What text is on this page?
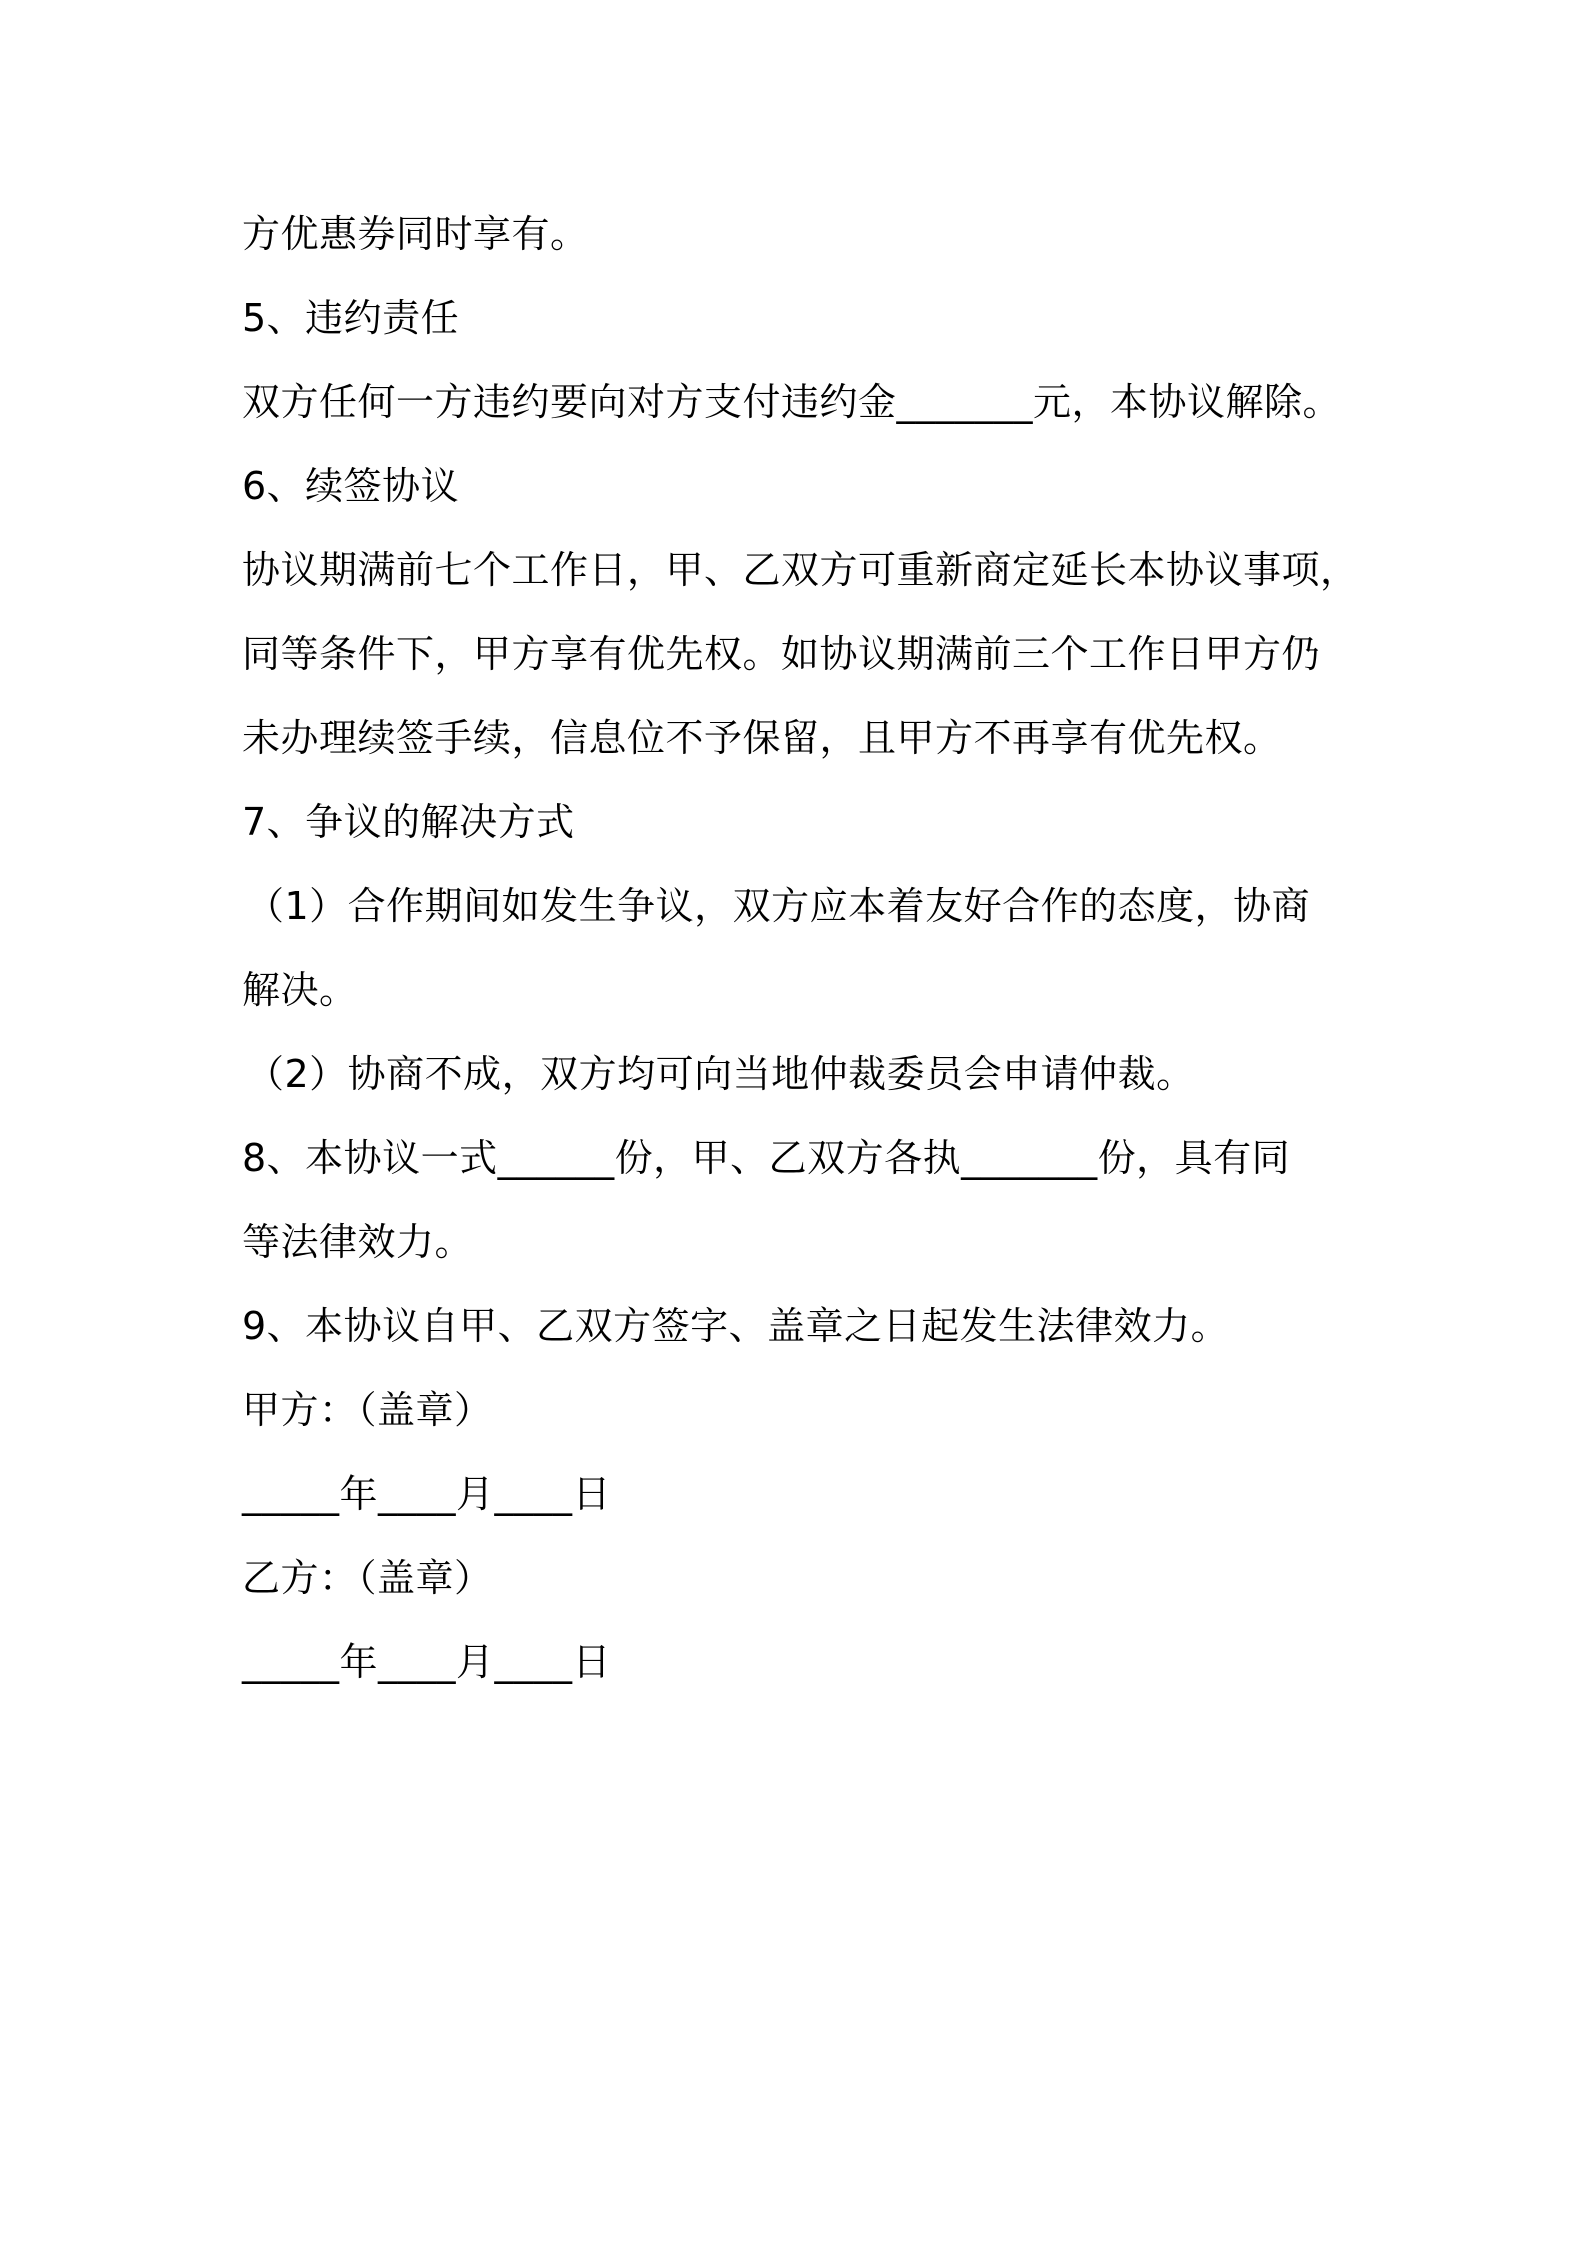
方优惠券同时享有。
5、违约责任
双方任何一方违约要向对方支付违约金_______元，本协议解除。
6、续签协议
协议期满前七个工作日，甲、乙双方可重新商定延长本协议事项，
同等条件下，甲方享有优先权。如协议期满前三个工作日甲方仍
未办理续签手续，信息位不予保留，且甲方不再享有优先权。
7、争议的解决方式
（1）合作期间如发生争议，双方应本着友好合作的态度，协商
解决。
（2）协商不成，双方均可向当地仲裁委员会申请仲裁。
8、本协议一式______份，甲、乙双方各执_______份，具有同
等法律效力。
9、本协议自甲、乙双方签字、盖章之日起发生法律效力。
甲方：（盖章）
_____年____月____日
乙方：（盖章）
_____年____月____日
